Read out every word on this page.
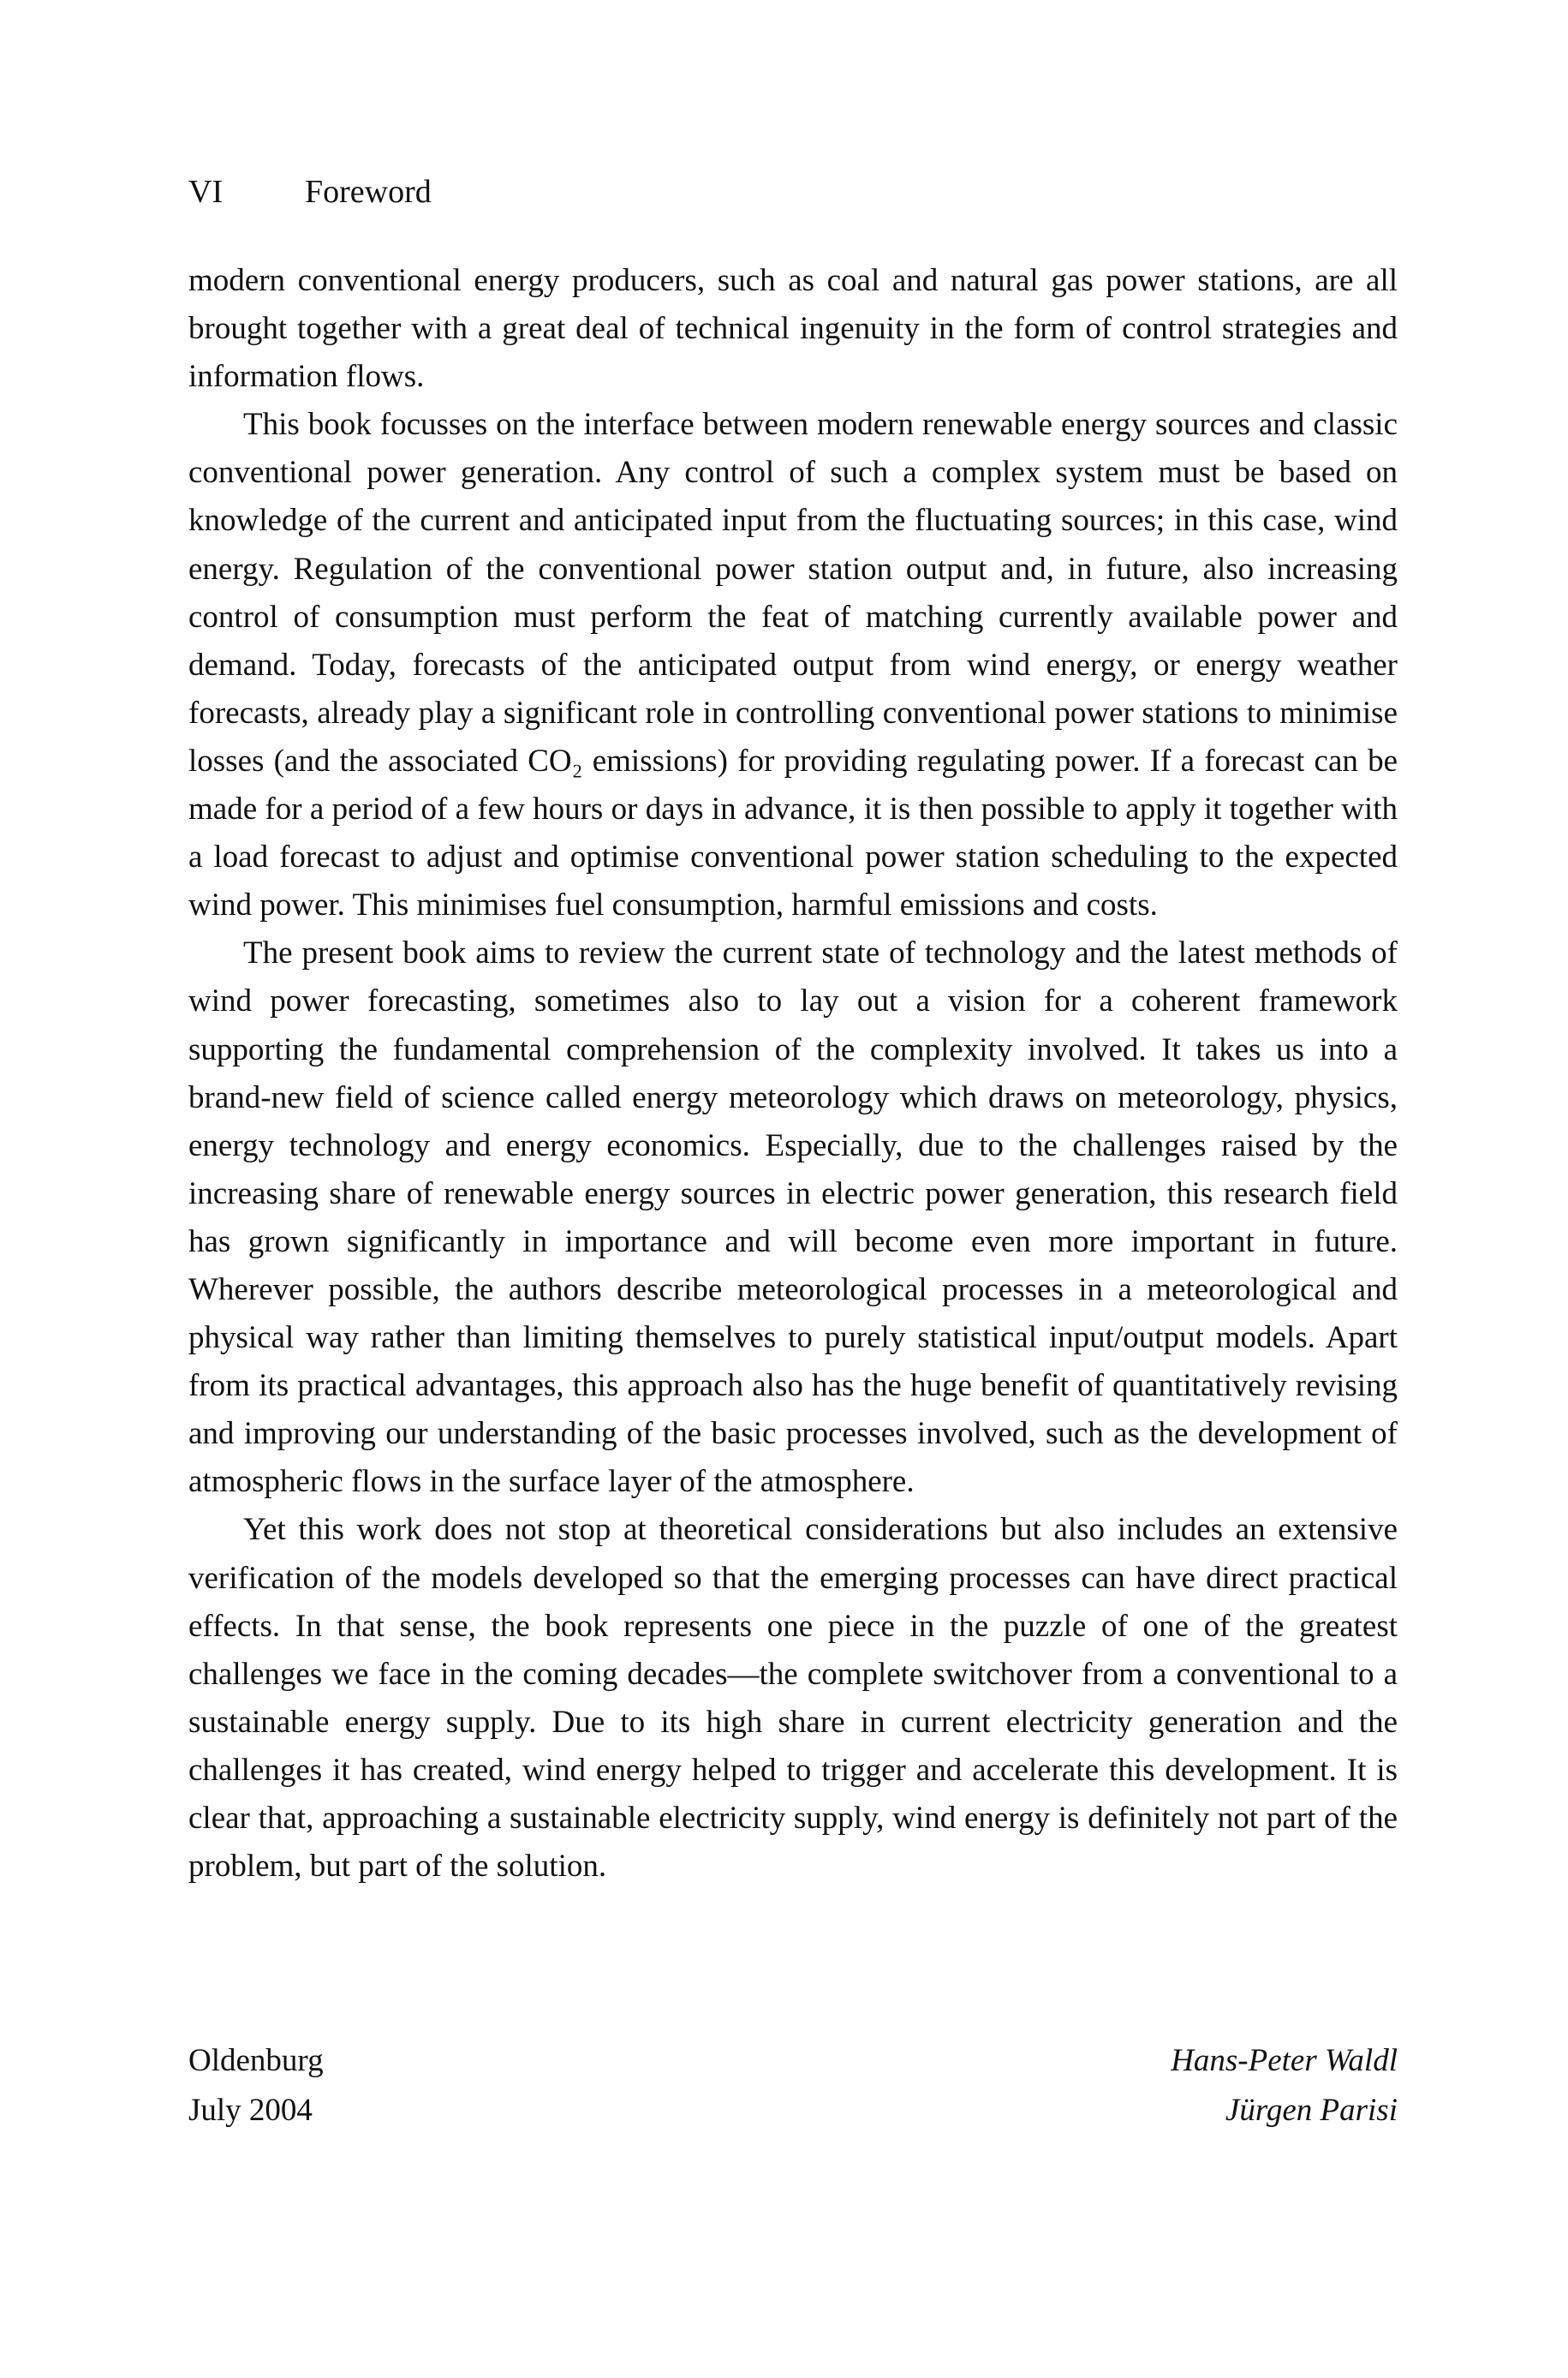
VI	Foreword

modern conventional energy producers, such as coal and natural gas power stations, are all brought together with a great deal of technical ingenuity in the form of control strategies and information flows.

This book focusses on the interface between modern renewable energy sources and classic conventional power generation. Any control of such a complex system must be based on knowledge of the current and anticipated input from the fluctuating sources; in this case, wind energy. Regulation of the conventional power station output and, in future, also increasing control of consumption must perform the feat of matching currently available power and demand. Today, forecasts of the anticipated output from wind energy, or energy weather forecasts, already play a significant role in controlling conventional power stations to minimise losses (and the associated CO₂ emissions) for providing regulating power. If a forecast can be made for a period of a few hours or days in advance, it is then possible to apply it together with a load forecast to adjust and optimise conventional power station scheduling to the expected wind power. This minimises fuel consumption, harmful emissions and costs.

The present book aims to review the current state of technology and the latest methods of wind power forecasting, sometimes also to lay out a vision for a coherent framework supporting the fundamental comprehension of the complexity involved. It takes us into a brand-new field of science called energy meteorology which draws on meteorology, physics, energy technology and energy economics. Especially, due to the challenges raised by the increasing share of renewable energy sources in electric power generation, this research field has grown significantly in importance and will become even more important in future. Wherever possible, the authors describe meteorological processes in a meteorological and physical way rather than limiting themselves to purely statistical input/output models. Apart from its practical advantages, this approach also has the huge benefit of quantitatively revising and improving our understanding of the basic processes involved, such as the development of atmospheric flows in the surface layer of the atmosphere.

Yet this work does not stop at theoretical considerations but also includes an extensive verification of the models developed so that the emerging processes can have direct practical effects. In that sense, the book represents one piece in the puzzle of one of the greatest challenges we face in the coming decades—the complete switchover from a conventional to a sustainable energy supply. Due to its high share in current electricity generation and the challenges it has created, wind energy helped to trigger and accelerate this development. It is clear that, approaching a sustainable electricity supply, wind energy is definitely not part of the problem, but part of the solution.

Oldenburg
July 2004
Hans-Peter Waldl
Jürgen Parisi
